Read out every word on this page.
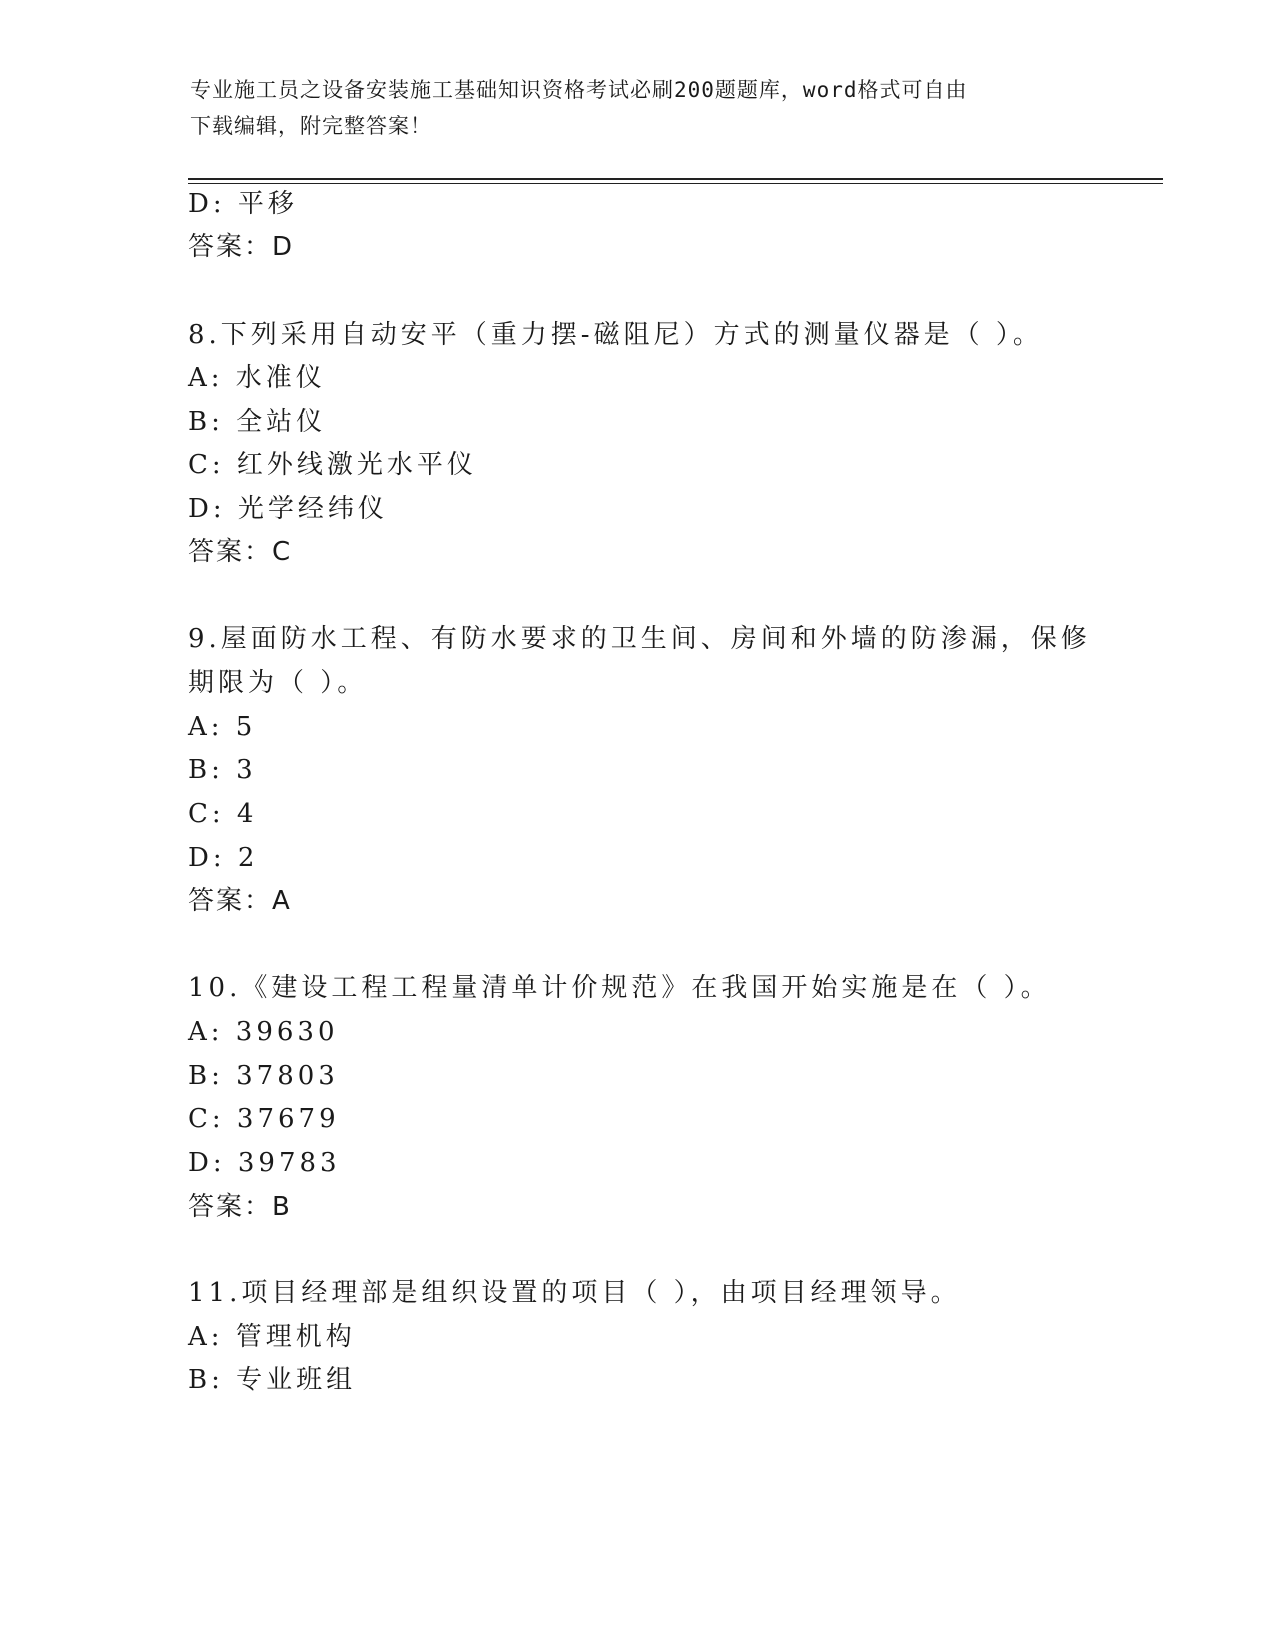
专业施工员之设备安装施工基础知识资格考试必刷200题题库，word格式可自由
下载编辑，附完整答案！
D: 平移
答案：D
8.下列采用自动安平（重力摆-磁阻尼）方式的测量仪器是（ ）。
A: 水准仪
B: 全站仪
C: 红外线激光水平仪
D: 光学经纬仪
答案：C
9.屋面防水工程、有防水要求的卫生间、房间和外墙的防渗漏，保修
期限为（ ）。
A: 5
B: 3
C: 4
D: 2
答案：A
10.《建设工程工程量清单计价规范》在我国开始实施是在（ ）。
A: 39630
B: 37803
C: 37679
D: 39783
答案：B
11.项目经理部是组织设置的项目（ ），由项目经理领导。
A: 管理机构
B: 专业班组
